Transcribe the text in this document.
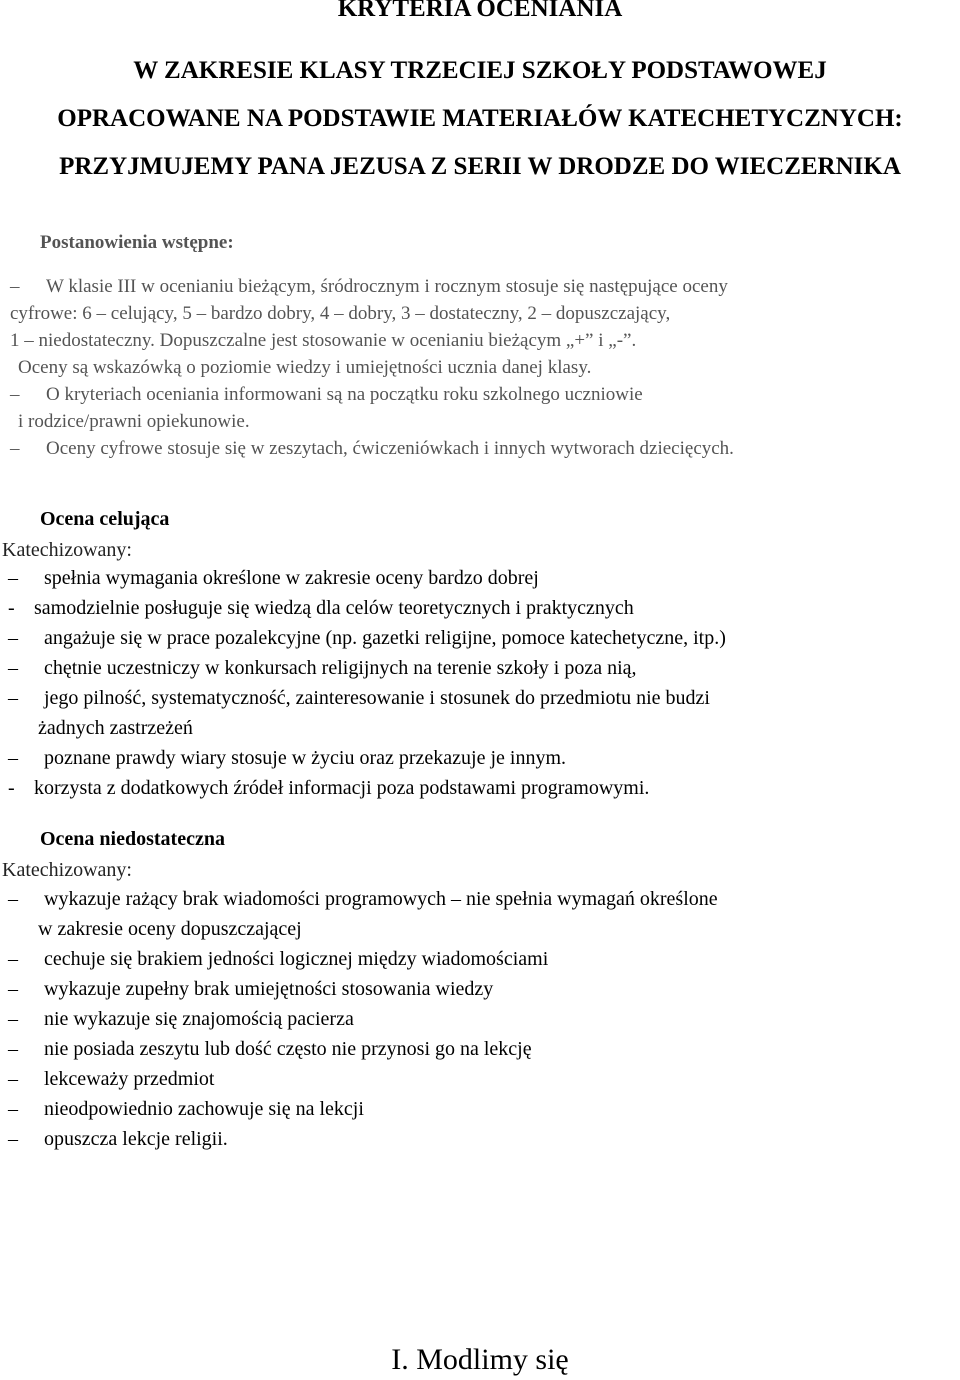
KRYTERIA OCENIANIA
W ZAKRESIE KLASY TRZECIEJ SZKOŁY PODSTAWOWEJ
OPRACOWANE NA PODSTAWIE MATERIAŁÓW KATECHETYCZNYCH:
PRZYJMUJEMY PANA JEZUSA Z SERII W DRODZE DO WIECZERNIKA
Postanowienia wstępne:

– W klasie III w ocenianiu bieżącym, śródrocznym i rocznym stosuje się następujące oceny

cyfrowe: 6 – celujący, 5 – bardzo dobry, 4 – dobry, 3 – dostateczny, 2 – dopuszczający,

1 – niedostateczny. Dopuszczalne jest stosowanie w ocenianiu bieżącym „+” i „-”.

Oceny są wskazówką o poziomie wiedzy i umiejętności ucznia danej klasy.

– O kryteriach oceniania informowani są na początku roku szkolnego uczniowie

i rodzice/prawni opiekunowie.

– Oceny cyfrowe stosuje się w zeszytach, ćwiczeniówkach i innych wytworach dziecięcych.

Ocena celująca
Katechizowany:
–	spełnia wymagania określone w zakresie oceny bardzo dobrej
- samodzielnie posługuje się wiedzą dla celów teoretycznych i praktycznych
–	angażuje się w prace pozalekcyjne (np. gazetki religijne, pomoce katechetyczne, itp.)
–	chętnie uczestniczy w konkursach religijnych na terenie szkoły i poza nią,
–	jego pilność, systematyczność, zainteresowanie i stosunek do przedmiotu nie budzi
żadnych zastrzeżeń
–	poznane prawdy wiary stosuje w życiu oraz przekazuje je innym.
- korzysta z dodatkowych źródeł informacji poza podstawami programowymi.
Ocena niedostateczna
Katechizowany:
–	wykazuje rażący brak wiadomości programowych – nie spełnia wymagań określone
w zakresie oceny dopuszczającej
–	cechuje się brakiem jedności logicznej między wiadomościami
–	wykazuje zupełny brak umiejętności stosowania wiedzy
–	nie wykazuje się znajomością pacierza
–	nie posiada zeszytu lub dość często nie przynosi go na lekcję
–	lekceważy przedmiot
–	nieodpowiednio zachowuje się na lekcji
–	opuszcza lekcje religii.
I. Modlimy się
